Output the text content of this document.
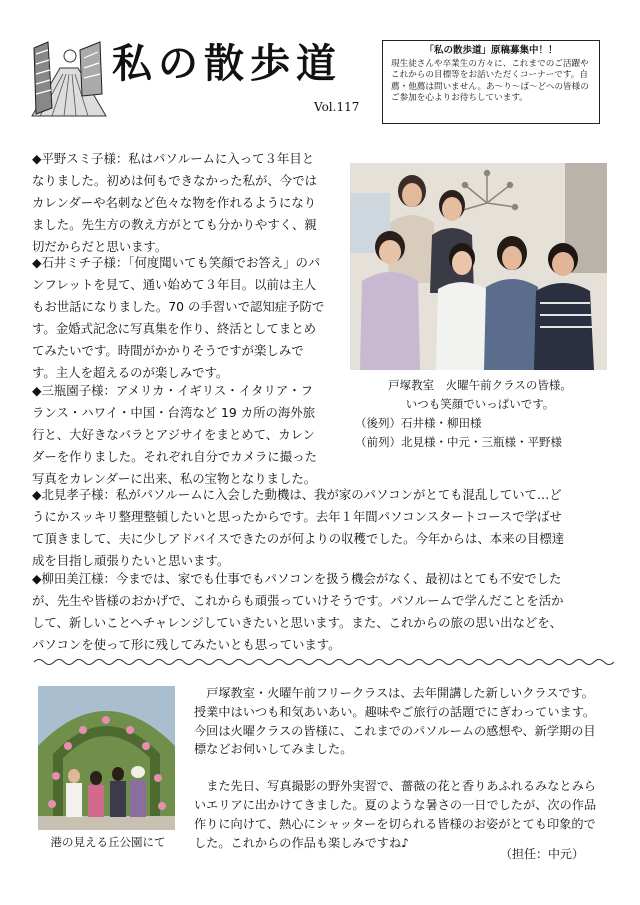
私の散歩道
Vol.117
「私の散歩道」原稿募集中！！
現生徒さんや卒業生の方々に、これまでのご活躍やこれからの目標等をお話いただくコーナーです。自薦・他薦は問いません。あ～り～ば～どへの皆様のご参加を心よりお待ちしています。

◆平野スミ子様：私はパソルームに入って３年目と

なりました。初めは何もできなかった私が、今では

カレンダーや名刺など色々な物を作れるようになり

ました。先生方の教え方がとても分かりやすく、親

切だからだと思います。

◆石井ミチ子様：「何度聞いても笑顔でお答え」のパ

ンフレットを見て、通い始めて３年目。以前は主人

もお世話になりました。70 の手習いで認知症予防で

す。金婚式記念に写真集を作り、終活としてまとめ

てみたいです。時間がかかりそうですが楽しみで

す。主人を超えるのが楽しみです。

◆三瓶園子様：アメリカ・イギリス・イタリア・フ

ランス・ハワイ・中国・台湾など 19 カ所の海外旅

行と、大好きなバラとアジサイをまとめて、カレン

ダーを作りました。それぞれ自分でカメラに撮った

写真をカレンダーに出来、私の宝物となりました。

◆北見孝子様：私がパソルームに入会した動機は、我が家のパソコンがとても混乱していて…ど

うにかスッキリ整理整頓したいと思ったからです。去年１年間パソコンスタートコースで学ばせ

て頂きまして、夫に少しアドバイスできたのが何よりの収穫でした。今年からは、本来の目標達

成を目指し頑張りたいと思います。

◆柳田美江様：今までは、家でも仕事でもパソコンを扱う機会がなく、最初はとても不安でした

が、先生や皆様のおかげで、これからも頑張っていけそうです。パソルームで学んだことを活か

して、新しいことへチャレンジしていきたいと思います。また、これからの旅の思い出などを、

パソコンを使って形に残してみたいとも思っています。

戸塚教室　火曜午前クラスの皆様。
いつも笑顔でいっぱいです。
（後列）石井様・柳田様
（前列）北見様・中元・三瓶様・平野様
港の見える丘公園にて

戸塚教室・火曜午前フリークラスは、去年開講した新しいクラスです。授業中はいつも和気あいあい。趣味やご旅行の話題でにぎわっています。今回は火曜クラスの皆様に、これまでのパソルームの感想や、新学期の目標などお伺いしてみました。

また先日、写真撮影の野外実習で、薔薇の花と香りあふれるみなとみらいエリアに出かけてきました。夏のような暑さの一日でしたが、次の作品作りに向けて、熱心にシャッターを切られる皆様のお姿がとても印象的でした。これからの作品も楽しみですね♪

（担任：中元）
